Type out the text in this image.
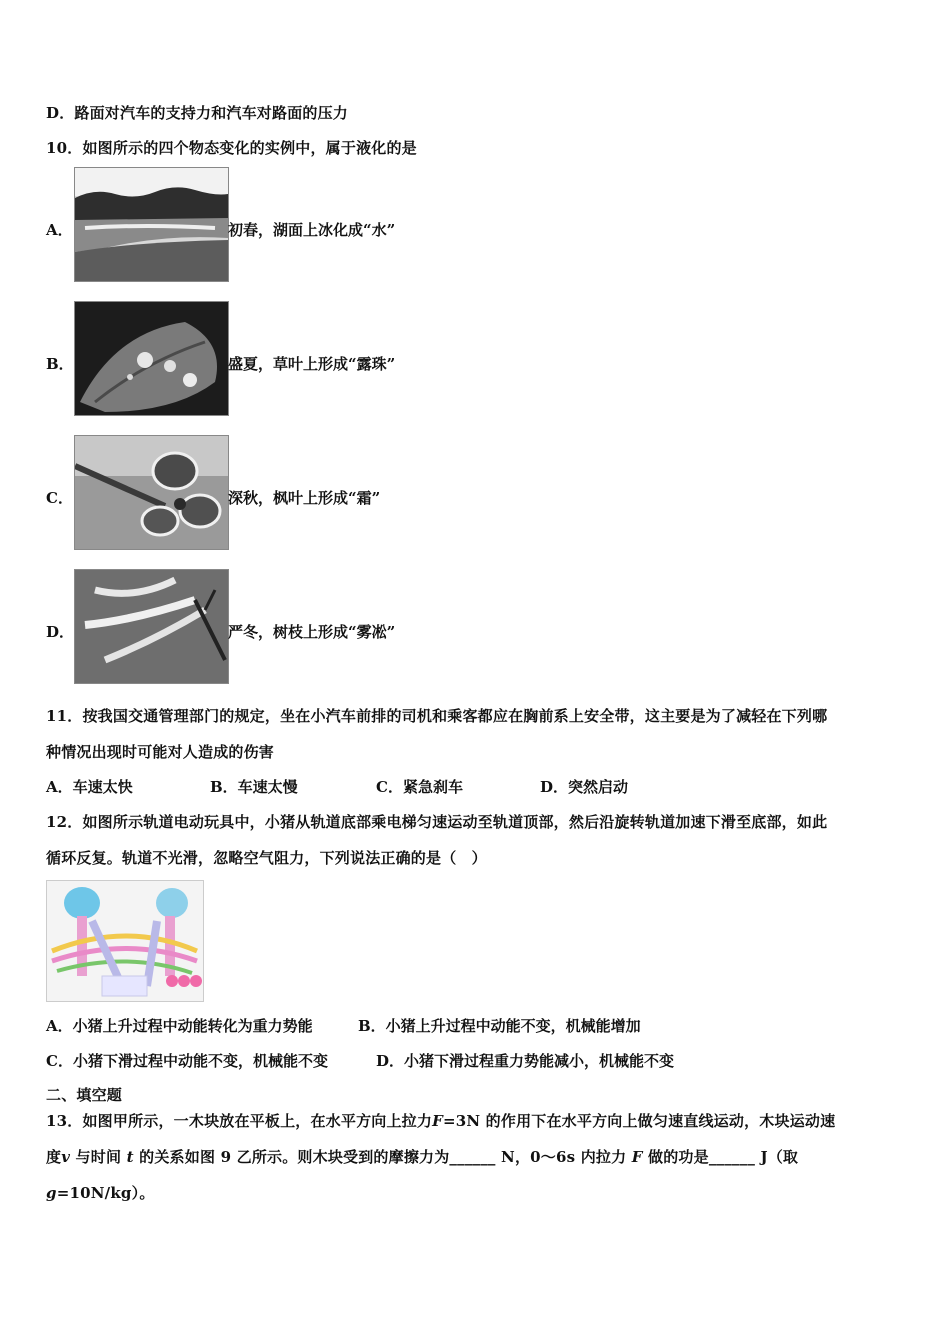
D．路面对汽车的支持力和汽车对路面的压力
10．如图所示的四个物态变化的实例中，属于液化的是
A．	初春，湖面上冰化成“水”
B．	盛夏，草叶上形成“露珠”
C．	深秋，枫叶上形成“霜”
D．	严冬，树枝上形成“雾凇”
11．按我国交通管理部门的规定，坐在小汽车前排的司机和乘客都应在胸前系上安全带，这主要是为了减轻在下列哪
种情况出现时可能对人造成的伤害
A．车速太快	B．车速太慢	C．紧急刹车	D．突然启动
12．如图所示轨道电动玩具中，小猪从轨道底部乘电梯匀速运动至轨道顶部，然后沿旋转轨道加速下滑至底部，如此
循环反复。轨道不光滑，忽略空气阻力，下列说法正确的是（　）
A．小猪上升过程中动能转化为重力势能	B．小猪上升过程中动能不变，机械能增加
C．小猪下滑过程中动能不变，机械能不变	D．小猪下滑过程重力势能减小，机械能不变
二、填空题
13．如图甲所示，一木块放在平板上，在水平方向上拉力F=3N 的作用下在水平方向上做匀速直线运动，木块运动速
度v 与时间 t 的关系如图 9 乙所示。则木块受到的摩擦力为______ N，0～6s 内拉力 F 做的功是______ J（取
g=10N/kg）。
